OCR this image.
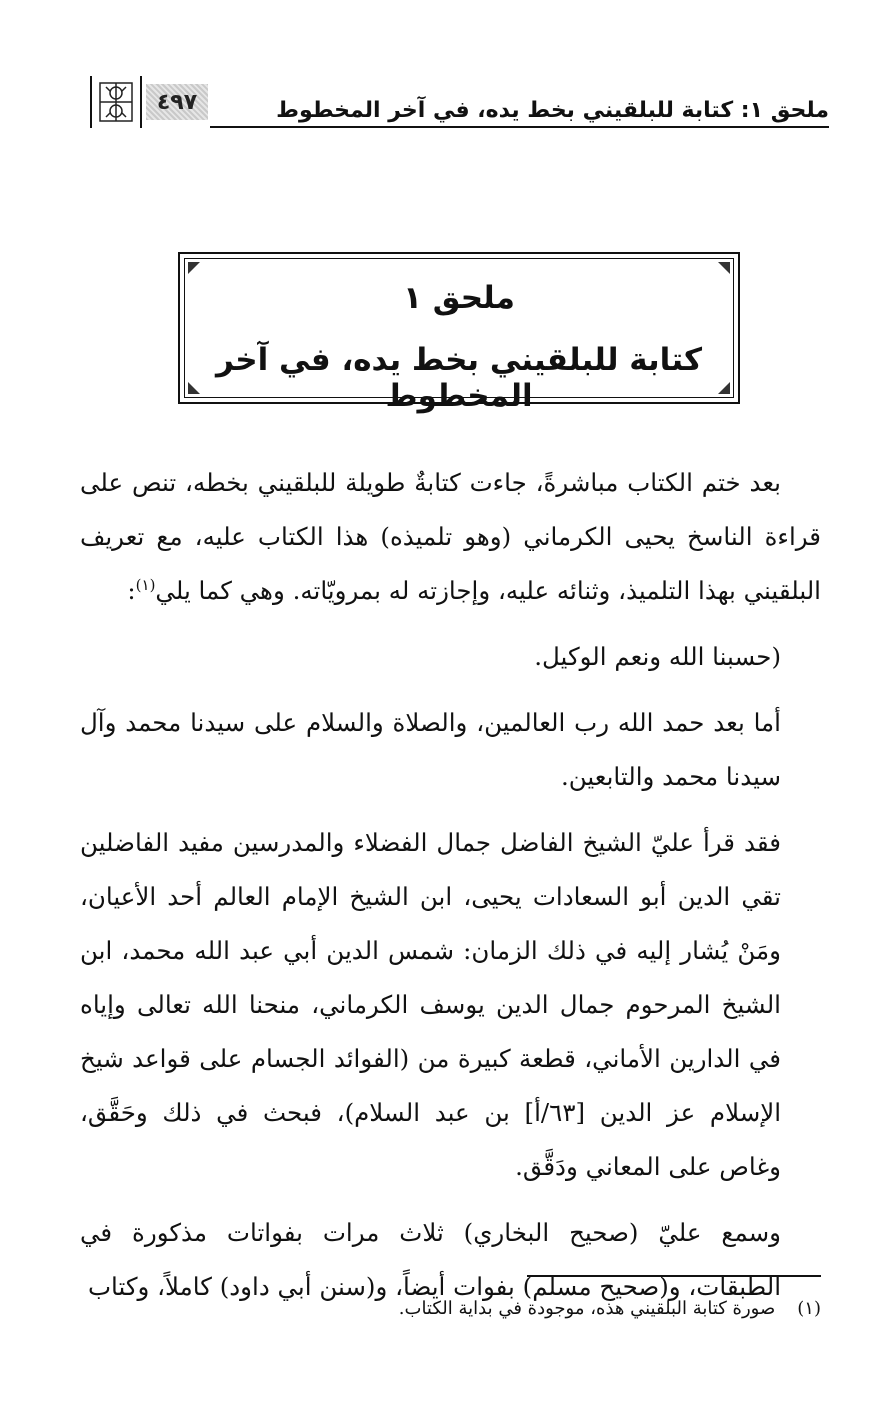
ملحق ١: كتابة للبلقيني بخط يده، في آخر المخطوط
٤٩٧
ملحق ١
كتابة للبلقيني بخط يده، في آخر المخطوط

بعد ختم الكتاب مباشرةً، جاءت كتابةٌ طويلة للبلقيني بخطه، تنص على قراءة الناسخ يحيى الكرماني (وهو تلميذه) هذا الكتاب عليه، مع تعريف البلقيني بهذا التلميذ، وثنائه عليه، وإجازته له بمرويّاته. وهي كما يلي$^{(١)}$:

(حسبنا الله ونعم الوكيل.

أما بعد حمد الله رب العالمين، والصلاة والسلام على سيدنا محمد وآل سيدنا محمد والتابعين.

فقد قرأ عليّ الشيخ الفاضل جمال الفضلاء والمدرسين مفيد الفاضلين تقي الدين أبو السعادات يحيى، ابن الشيخ الإمام العالم أحد الأعيان، ومَنْ يُشار إليه في ذلك الزمان: شمس الدين أبي عبد الله محمد، ابن الشيخ المرحوم جمال الدين يوسف الكرماني، منحنا الله تعالى وإياه في الدارين الأماني، قطعة كبيرة من (الفوائد الجسام على قواعد شيخ الإسلام عز الدين [٦٣/أ] بن عبد السلام)، فبحث في ذلك وحَقَّق، وغاص على المعاني ودَقَّق.

وسمع عليّ (صحيح البخاري) ثلاث مرات بفواتات مذكورة في الطبقات، و(صحيح مسلم) بفوات أيضاً، و(سنن أبي داود) كاملاً، وكتاب

(١)صورة كتابة البلقيني هذه، موجودة في بداية الكتاب.
